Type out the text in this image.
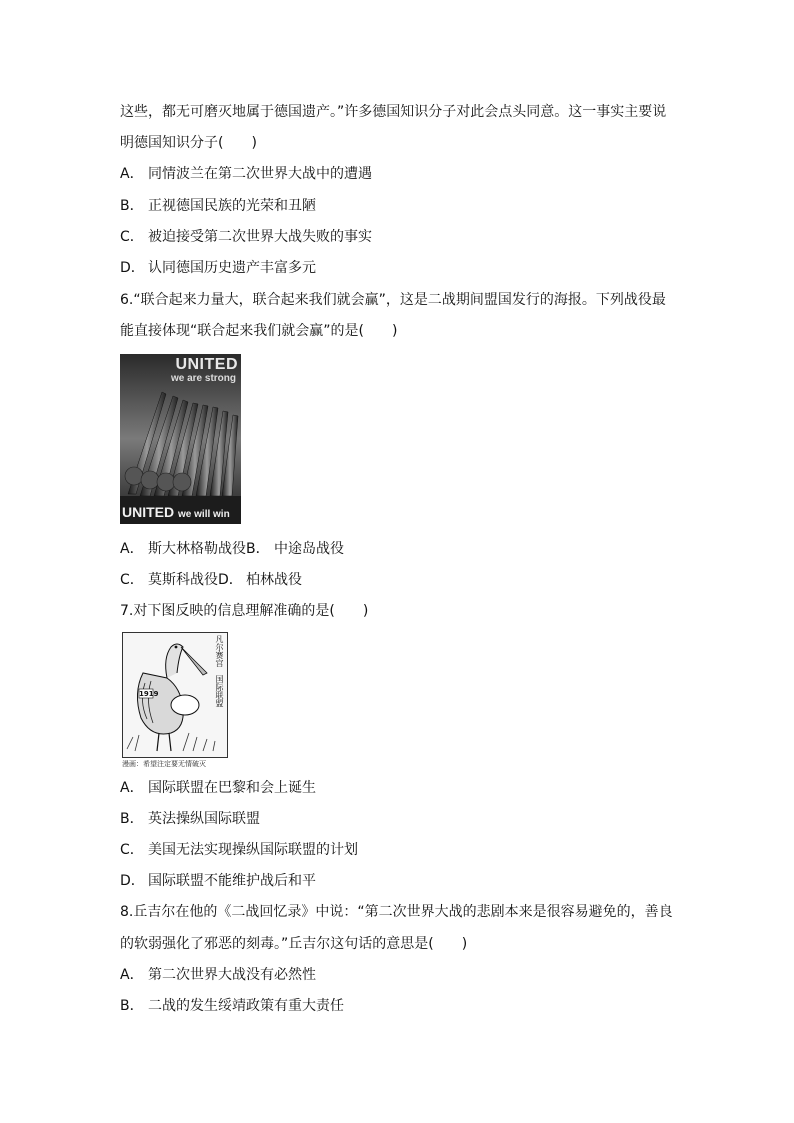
这些，都无可磨灭地属于德国遗产。”许多德国知识分子对此会点头同意。这一事实主要说
明德国知识分子(　　)
A． 同情波兰在第二次世界大战中的遭遇
B． 正视德国民族的光荣和丑陋
C． 被迫接受第二次世界大战失败的事实
D． 认同德国历史遗产丰富多元
6.“联合起来力量大，联合起来我们就会赢”，这是二战期间盟国发行的海报。下列战役最
能直接体现“联合起来我们就会赢”的是(　　)
UNITED
we are strong
UNITED we will win
A． 斯大林格勒战役B． 中途岛战役
C． 莫斯科战役D． 柏林战役
7.对下图反映的信息理解准确的是(　　)
1919
凡尔赛宫
国际联盟
漫画：希望注定要无情破灭
A． 国际联盟在巴黎和会上诞生
B． 英法操纵国际联盟
C． 美国无法实现操纵国际联盟的计划
D． 国际联盟不能维护战后和平
8.丘吉尔在他的《二战回忆录》中说：“第二次世界大战的悲剧本来是很容易避免的，善良
的软弱强化了邪恶的刻毒。”丘吉尔这句话的意思是(　　)
A． 第二次世界大战没有必然性
B． 二战的发生绥靖政策有重大责任
